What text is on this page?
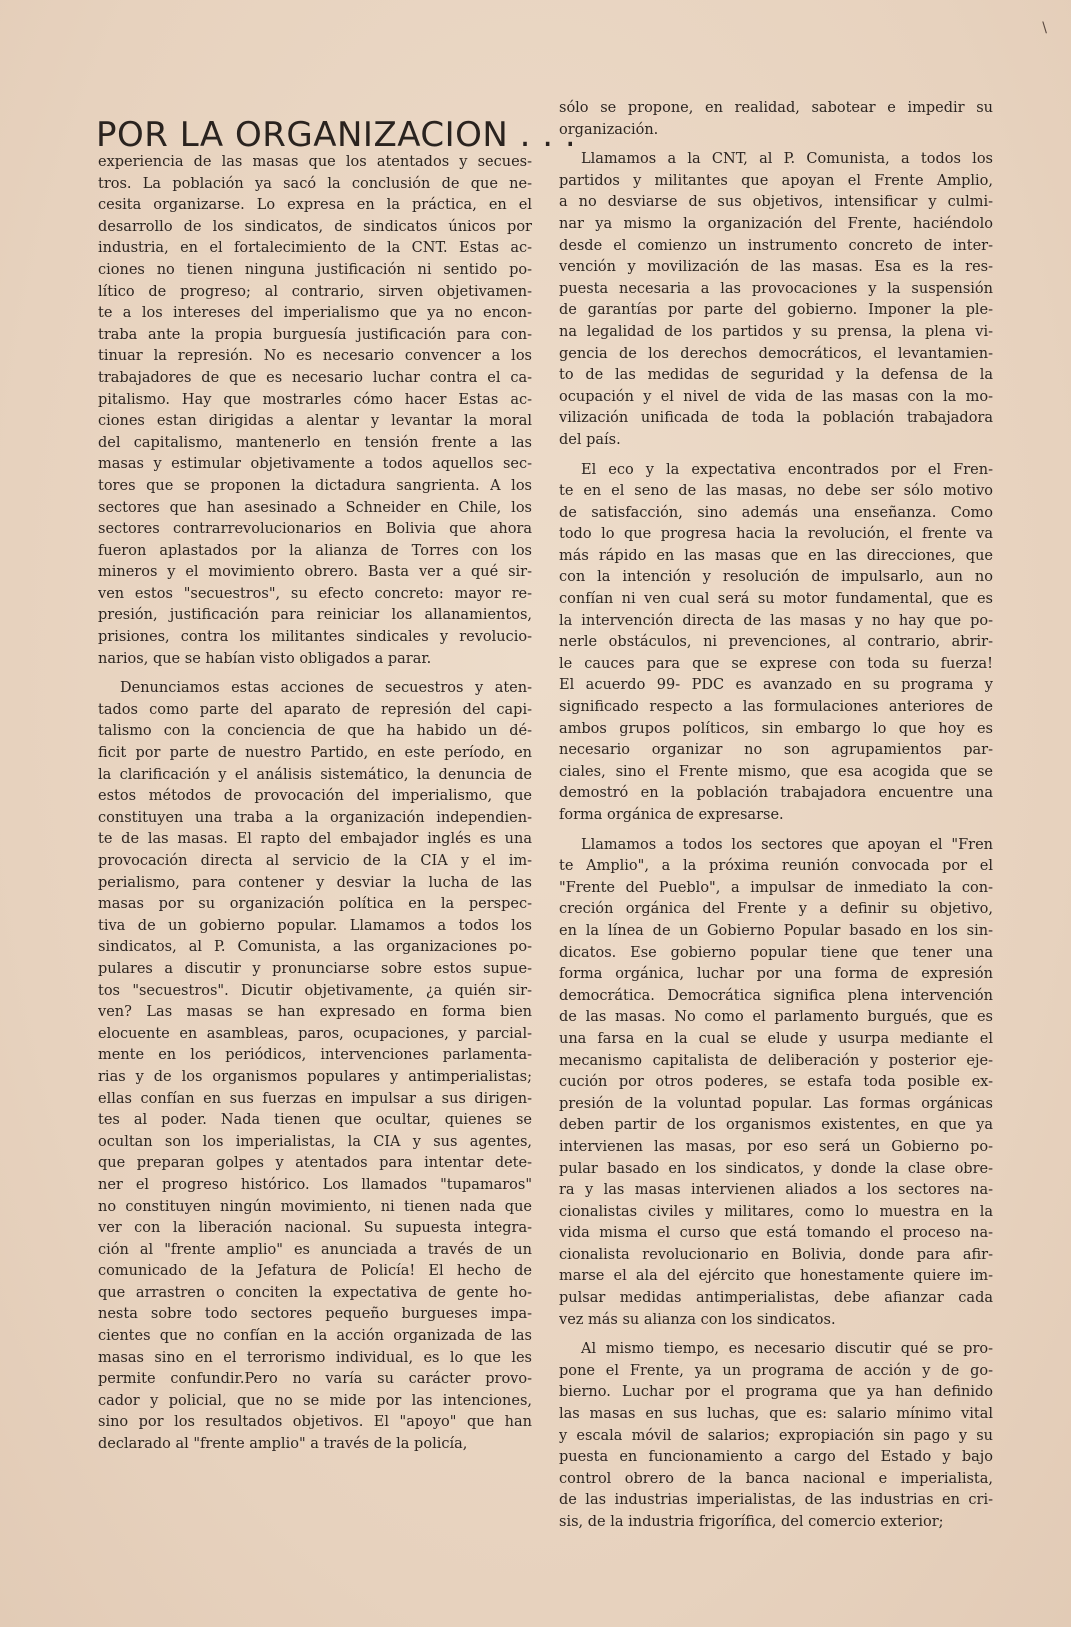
\
POR LA ORGANIZACION . . .

experiencia de las masas que los atentados y secues-
tros. La población ya sacó la conclusión de que ne-
cesita organizarse. Lo expresa en la práctica, en el
desarrollo de los sindicatos, de sindicatos únicos por
industria, en el fortalecimiento de la CNT. Estas ac-
ciones no tienen ninguna justificación ni sentido po-
lítico de progreso; al contrario, sirven objetivamen-
te a los intereses del imperialismo que ya no encon-
traba ante la propia burguesía justificación para con-
tinuar la represión. No es necesario convencer a los
trabajadores de que es necesario luchar contra el ca-
pitalismo. Hay que mostrarles cómo hacer Estas ac-
ciones estan dirigidas a alentar y levantar la moral
del capitalismo, mantenerlo en tensión frente a las
masas y estimular objetivamente a todos aquellos sec-
tores que se proponen la dictadura sangrienta. A los
sectores que han asesinado a Schneider en Chile, los
sectores contrarrevolucionarios en Bolivia que ahora
fueron aplastados por la alianza de Torres con los
mineros y el movimiento obrero. Basta ver a qué sir-
ven estos "secuestros", su efecto concreto: mayor re-
presión, justificación para reiniciar los allanamientos,
prisiones, contra los militantes sindicales y revolucio-
narios, que se habían visto obligados a parar.

Denunciamos estas acciones de secuestros y aten-
tados como parte del aparato de represión del capi-
talismo con la conciencia de que ha habido un dé-
ficit por parte de nuestro Partido, en este período, en
la clarificación y el análisis sistemático, la denuncia de
estos métodos de provocación del imperialismo, que
constituyen una traba a la organización independien-
te de las masas. El rapto del embajador inglés es una
provocación directa al servicio de la CIA y el im-
perialismo, para contener y desviar la lucha de las
masas por su organización política en la perspec-
tiva de un gobierno popular. Llamamos a todos los
sindicatos, al P. Comunista, a las organizaciones po-
pulares a discutir y pronunciarse sobre estos supue-
tos "secuestros". Dicutir objetivamente, ¿a quién sir-
ven? Las masas se han expresado en forma bien
elocuente en asambleas, paros, ocupaciones, y parcial-
mente en los periódicos, intervenciones parlamenta-
rias y de los organismos populares y antimperialistas;
ellas confían en sus fuerzas en impulsar a sus dirigen-
tes al poder. Nada tienen que ocultar, quienes se
ocultan son los imperialistas, la CIA y sus agentes,
que preparan golpes y atentados para intentar dete-
ner el progreso histórico. Los llamados "tupamaros"
no constituyen ningún movimiento, ni tienen nada que
ver con la liberación nacional. Su supuesta integra-
ción al "frente amplio" es anunciada a través de un
comunicado de la Jefatura de Policía! El hecho de
que arrastren o conciten la expectativa de gente ho-
nesta sobre todo sectores pequeño burgueses impa-
cientes que no confían en la acción organizada de las
masas sino en el terrorismo individual, es lo que les
permite confundir.Pero no varía su carácter provo-
cador y policial, que no se mide por las intenciones,
sino por los resultados objetivos. El "apoyo" que han
declarado al "frente amplio" a través de la policía,

sólo se propone, en realidad, sabotear e impedir su
organización.

Llamamos a la CNT, al P. Comunista, a todos los
partidos y militantes que apoyan el Frente Amplio,
a no desviarse de sus objetivos, intensificar y culmi-
nar ya mismo la organización del Frente, haciéndolo
desde el comienzo un instrumento concreto de inter-
vención y movilización de las masas. Esa es la res-
puesta necesaria a las provocaciones y la suspensión
de garantías por parte del gobierno. Imponer la ple-
na legalidad de los partidos y su prensa, la plena vi-
gencia de los derechos democráticos, el levantamien-
to de las medidas de seguridad y la defensa de la
ocupación y el nivel de vida de las masas con la mo-
vilización unificada de toda la población trabajadora
del país.

El eco y la expectativa encontrados por el Fren-
te en el seno de las masas, no debe ser sólo motivo
de satisfacción, sino además una enseñanza. Como
todo lo que progresa hacia la revolución, el frente va
más rápido en las masas que en las direcciones, que
con la intención y resolución de impulsarlo, aun no
confían ni ven cual será su motor fundamental, que es
la intervención directa de las masas y no hay que po-
nerle obstáculos, ni prevenciones, al contrario, abrir-
le cauces para que se exprese con toda su fuerza!
El acuerdo 99- PDC es avanzado en su programa y
significado respecto a las formulaciones anteriores de
ambos grupos políticos, sin embargo lo que hoy es
necesario organizar no son agrupamientos par-
ciales, sino el Frente mismo, que esa acogida que se
demostró en la población trabajadora encuentre una
forma orgánica de expresarse.

Llamamos a todos los sectores que apoyan el "Fren
te Amplio", a la próxima reunión convocada por el
"Frente del Pueblo", a impulsar de inmediato la con-
creción orgánica del Frente y a definir su objetivo,
en la línea de un Gobierno Popular basado en los sin-
dicatos. Ese gobierno popular tiene que tener una
forma orgánica, luchar por una forma de expresión
democrática. Democrática significa plena intervención
de las masas. No como el parlamento burgués, que es
una farsa en la cual se elude y usurpa mediante el
mecanismo capitalista de deliberación y posterior eje-
cución por otros poderes, se estafa toda posible ex-
presión de la voluntad popular. Las formas orgánicas
deben partir de los organismos existentes, en que ya
intervienen las masas, por eso será un Gobierno po-
pular basado en los sindicatos, y donde la clase obre-
ra y las masas intervienen aliados a los sectores na-
cionalistas civiles y militares, como lo muestra en la
vida misma el curso que está tomando el proceso na-
cionalista revolucionario en Bolivia, donde para afir-
marse el ala del ejército que honestamente quiere im-
pulsar medidas antimperialistas, debe afianzar cada
vez más su alianza con los sindicatos.

Al mismo tiempo, es necesario discutir qué se pro-
pone el Frente, ya un programa de acción y de go-
bierno. Luchar por el programa que ya han definido
las masas en sus luchas, que es: salario mínimo vital
y escala móvil de salarios; expropiación sin pago y su
puesta en funcionamiento a cargo del Estado y bajo
control obrero de la banca nacional e imperialista,
de las industrias imperialistas, de las industrias en cri-
sis, de la industria frigorífica, del comercio exterior;
